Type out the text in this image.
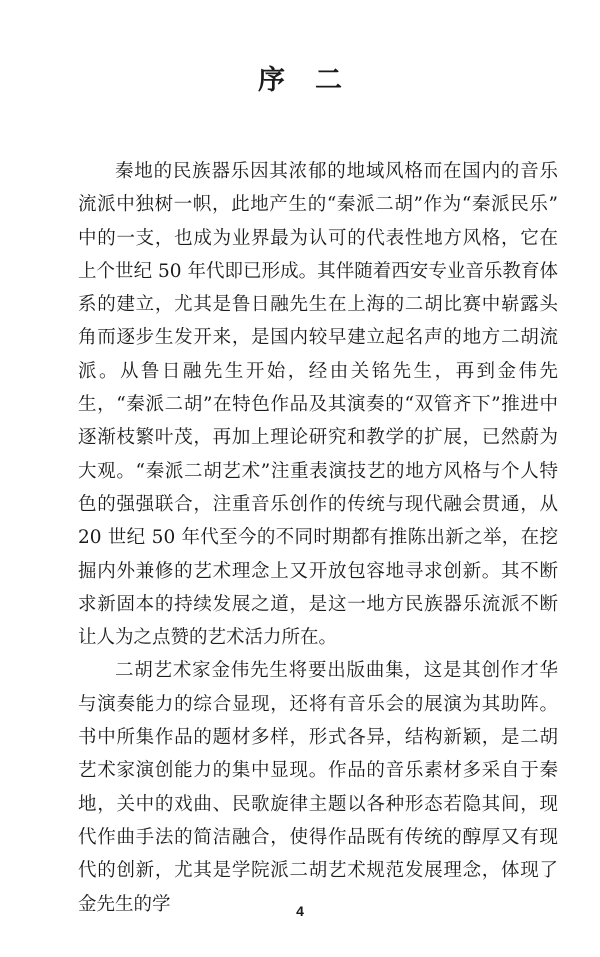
序二

秦地的民族器乐因其浓郁的地域风格而在国内的音乐流派中独树一帜，此地产生的“秦派二胡”作为“秦派民乐” 中的一支，也成为业界最为认可的代表性地方风格，它在上个世纪 50 年代即已形成。其伴随着西安专业音乐教育体系的建立，尤其是鲁日融先生在上海的二胡比赛中崭露头角而逐步生发开来，是国内较早建立起名声的地方二胡流派。从鲁日融先生开始，经由关铭先生，再到金伟先生，“秦派二胡”在特色作品及其演奏的“双管齐下”推进中逐渐枝繁叶茂，再加上理论研究和教学的扩展，已然蔚为大观。“秦派二胡艺术”注重表演技艺的地方风格与个人特色的强强联合，注重音乐创作的传统与现代融会贯通，从 20 世纪 50 年代至今的不同时期都有推陈出新之举，在挖掘内外兼修的艺术理念上又开放包容地寻求创新。其不断求新固本的持续发展之道，是这一地方民族器乐流派不断让人为之点赞的艺术活力所在。

二胡艺术家金伟先生将要出版曲集，这是其创作才华与演奏能力的综合显现，还将有音乐会的展演为其助阵。书中所集作品的题材多样，形式各异，结构新颖，是二胡艺术家演创能力的集中显现。作品的音乐素材多采自于秦地，关中的戏曲、民歌旋律主题以各种形态若隐其间，现代作曲手法的简洁融合，使得作品既有传统的醇厚又有现代的创新，尤其是学院派二胡艺术规范发展理念，体现了金先生的学	4
